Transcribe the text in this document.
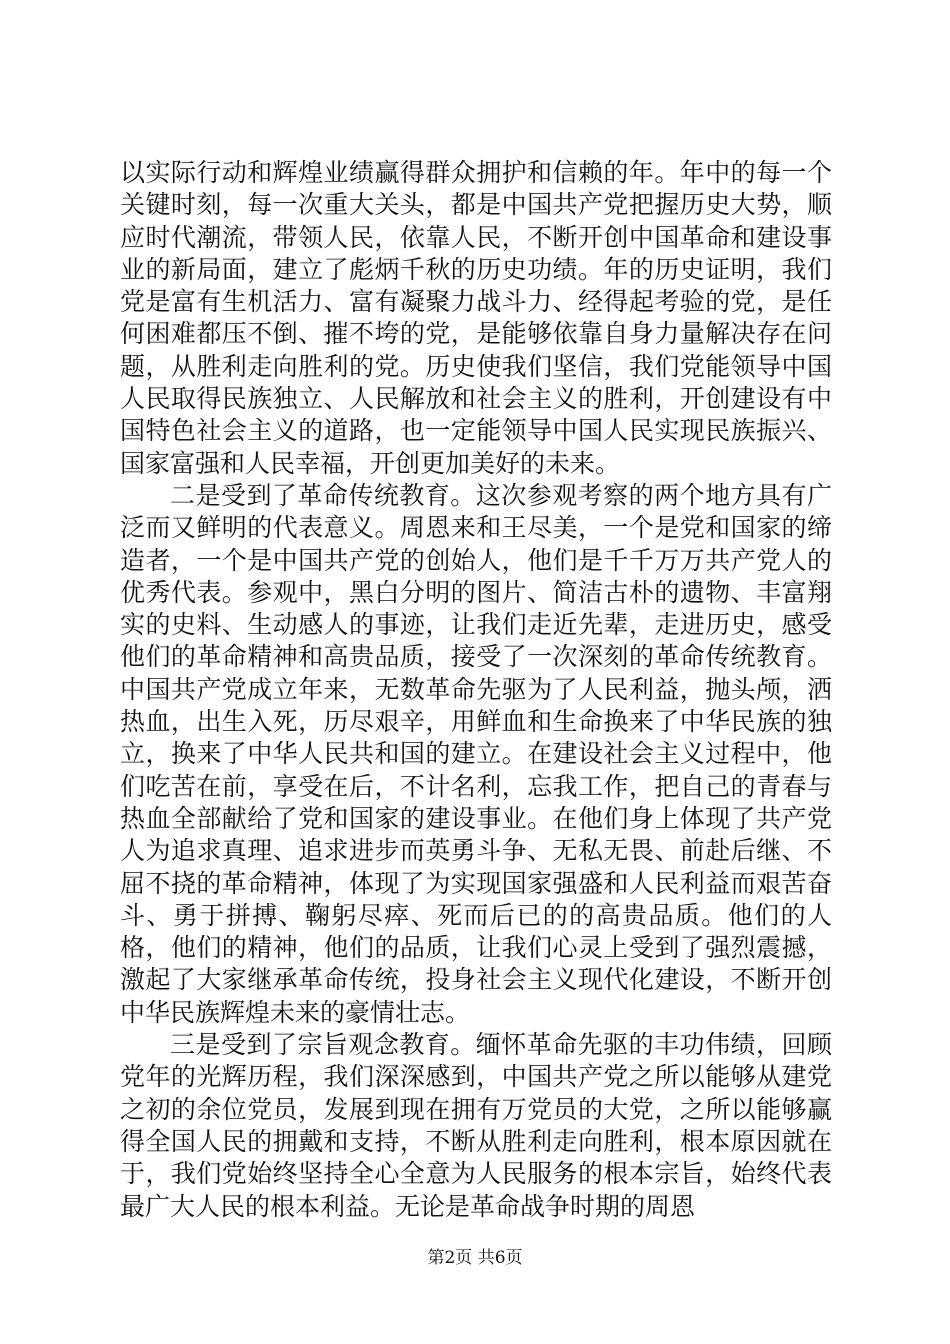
以实际行动和辉煌业绩赢得群众拥护和信赖的年。年中的每一个关键时刻，每一次重大关头，都是中国共产党把握历史大势，顺应时代潮流，带领人民，依靠人民，不断开创中国革命和建设事业的新局面，建立了彪炳千秋的历史功绩。年的历史证明，我们党是富有生机活力、富有凝聚力战斗力、经得起考验的党，是任何困难都压不倒、摧不垮的党，是能够依靠自身力量解决存在问题，从胜利走向胜利的党。历史使我们坚信，我们党能领导中国人民取得民族独立、人民解放和社会主义的胜利，开创建设有中国特色社会主义的道路，也一定能领导中国人民实现民族振兴、国家富强和人民幸福，开创更加美好的未来。

二是受到了革命传统教育。这次参观考察的两个地方具有广泛而又鲜明的代表意义。周恩来和王尽美，一个是党和国家的缔造者，一个是中国共产党的创始人，他们是千千万万共产党人的优秀代表。参观中，黑白分明的图片、简洁古朴的遗物、丰富翔实的史料、生动感人的事迹，让我们走近先辈，走进历史，感受他们的革命精神和高贵品质，接受了一次深刻的革命传统教育。中国共产党成立年来，无数革命先驱为了人民利益，抛头颅，洒热血，出生入死，历尽艰辛，用鲜血和生命换来了中华民族的独立，换来了中华人民共和国的建立。在建设社会主义过程中，他们吃苦在前，享受在后，不计名利，忘我工作，把自己的青春与热血全部献给了党和国家的建设事业。在他们身上体现了共产党人为追求真理、追求进步而英勇斗争、无私无畏、前赴后继、不屈不挠的革命精神，体现了为实现国家强盛和人民利益而艰苦奋斗、勇于拼搏、鞠躬尽瘁、死而后已的的高贵品质。他们的人格，他们的精神，他们的品质，让我们心灵上受到了强烈震撼，激起了大家继承革命传统，投身社会主义现代化建设，不断开创中华民族辉煌未来的豪情壮志。

三是受到了宗旨观念教育。缅怀革命先驱的丰功伟绩，回顾党年的光辉历程，我们深深感到，中国共产党之所以能够从建党之初的余位党员，发展到现在拥有万党员的大党，之所以能够赢得全国人民的拥戴和支持，不断从胜利走向胜利，根本原因就在于，我们党始终坚持全心全意为人民服务的根本宗旨，始终代表最广大人民的根本利益。无论是革命战争时期的周恩

第2页 共6页
